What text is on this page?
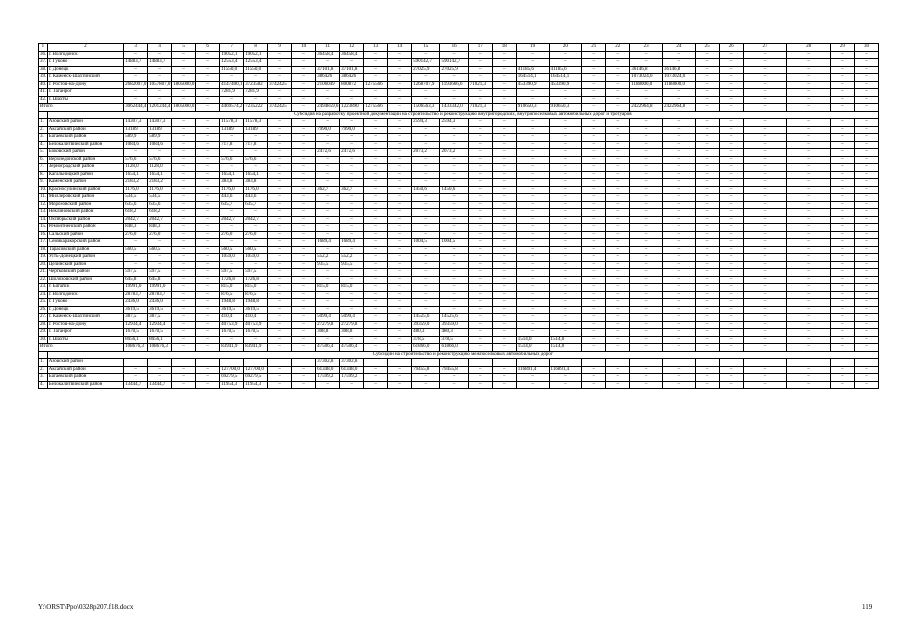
1	2	3	4	5	6	7	8	9	10	11	12	13	14	15	16	17	18	19	20	21	22	23	24	25	26	27	28	29	30
36.	г. Волгодонск	–	–	–	–	19052,1	19052,1	–	–	36458,4	36458,4	–	–	–	–	–	–	–	–	–	–	–	–	–	–	–	–	–	–
37.	г. Гуково	14883,7	14883,7	–	–	12553,4	12553,4	–	–	–	–	–	–	590142,7	590142,7	–	–	–	–	–	–	–	–	–	–	–	–	–	–
38.	г. Донецк	–	–	–	–	11550,0	11550,0	–	–	37101,8	37101,8	–	–	27025,9	27025,9	–	–	41185,6	41185,6	–	–	36146,8	36146,8	–	–	–	–	–	–
39.	г. Каменск-Шахтинский	–	–	–	–	–	–	–	–	386426	386426	–	–	–	–	–	–	164514,1	164514,1	–	–	1073024,0	1073024,0	–	–	–	–	–	–
40.	г. Ростов-на-Дону	2682007,0	1057807,0	1805000,0	–	4147400,1	3723582	3742425	–	2106049	800872	1275566	–	1268707,9	1193666,6	71021,3	–	453390,9	453390,9	–	–	1188000,0	1188000,0	–	–	–	–	–	–
41.	г. Таганрог	–	–	–	–	7281,9	7281,9	–	–	–	–	–	–	–	–	–	–	–	–	–	–	–	–	–	–	–	–	–	–
42.	г. Шахты	–	–	–	–	–	–	–	–	–	–	–	–	–	–	–	–	–	–	–	–	–	–	–	–	–	–	–	–
Итого		3062444,4	1201244,4	1805000,0	–	4469574,2	7235222	3742425	–	2494859,6	1223890	1275566	–	1506563,3	1433342,0	71021,3	–	910650,3	910650,3	–	–	2422964,8	2422964,8	–	–	–	–	–	–
	Субсидия на разработку проектной документации на строительство и реконструкцию внутригородских, внутрипоселковых автомобильных дорог и тротуаров																												
1.	Азовский район	14307,3	14307,3	–	–	11578,3	11578,3	–	–	–	–	–	–	2594,3	2594,3	–	–	–	–	–	–	–	–	–	–	–	–	–	–
2.	Аксайский район	13189	13189	–	–	13189	13189	–	–	7990,0	7990,0	–	–	–	–	–	–	–	–	–	–	–	–	–	–	–	–	–	–
3.	Багаевский район	589,9	589,9	–	–	–	–	–	–	–	–	–	–	–	–	–	–	–	–	–	–	–	–	–	–	–	–	–	–
4.	Белокалитвинский район	1084,6	1084,6	–	–	717,8	717,8	–	–	–	–	–	–	–	–	–	–	–	–	–	–	–	–	–	–	–	–	–	–
5.	Боковский район	–	–	–	–	–	–	–	–	2472,6	2472,6	–	–	2073,2	2073,2	–	–	–	–	–	–	–	–	–	–	–	–	–	–
6.	Верхнедонской район	576,6	576,6	–	–	576,6	576,6	–	–	–	–	–	–	–	–	–	–	–	–	–	–	–	–	–	–	–	–	–	–
7.	Зерноградский район	1128,0	1128,0	–	–	–	–	–	–	–	–	–	–	–	–	–	–	–	–	–	–	–	–	–	–	–	–	–	–
8.	Кагальницкий район	1654,1	1654,1	–	–	1654,1	1654,1	–	–	–	–	–	–	–	–	–	–	–	–	–	–	–	–	–	–	–	–	–	–
9.	Каменский район	2183,2	2183,2	–	–	383,8	383,8	–	–	–	–	–	–	–	–	–	–	–	–	–	–	–	–	–	–	–	–	–	–
10.	Красносулинский район	1176,0	1176,0	–	–	1176,0	1176,0	–	–	362,7	362,7	–	–	1450,6	1450,6	–	–	–	–	–	–	–	–	–	–	–	–	–	–
11.	Миллеровский район	534,5	534,5	–	–	443,6	443,6	–	–	–	–	–	–	–	–	–	–	–	–	–	–	–	–	–	–	–	–	–	–
12.	Морозовский район	635,6	635,6	–	–	635,7	635,7	–	–	–	–	–	–	–	–	–	–	–	–	–	–	–	–	–	–	–	–	–	–
13.	Неклиновский район	618,2	618,2	–	–	–	–	–	–	–	–	–	–	–	–	–	–	–	–	–	–	–	–	–	–	–	–	–	–
14.	Октябрьский район	2042,7	2042,7	–	–	2042,7	2042,7	–	–	–	–	–	–	–	–	–	–	–	–	–	–	–	–	–	–	–	–	–	–
15.	Ремонтненский район	848,3	848,3	–	–	–	–	–	–	–	–	–	–	–	–	–	–	–	–	–	–	–	–	–	–	–	–	–	–
16.	Сальский район	276,0	276,0	–	–	276,0	276,0	–	–	–	–	–	–	–	–	–	–	–	–	–	–	–	–	–	–	–	–	–	–
17.	Семикаракорский район	–	–	–	–	–	–	–	–	1689,4	1689,4	–	–	1004,5	1004,5	–	–	–	–	–	–	–	–	–	–	–	–	–	–
18.	Тарасовский район	560,5	560,5	–	–	560,5	560,5	–	–	–	–	–	–	–	–	–	–	–	–	–	–	–	–	–	–	–	–	–	–
19.	Усть-Донецкий район	–	–	–	–	1059,0	1059,0	–	–	552,2	552,2	–	–	–	–	–	–	–	–	–	–	–	–	–	–	–	–	–	–
20.	Целинский район	–	–	–	–	–	–	–	–	935,5	935,5	–	–	–	–	–	–	–	–	–	–	–	–	–	–	–	–	–	–
21.	Чертковский район	597,5	597,5	–	–	597,5	597,5	–	–	–	–	–	–	–	–	–	–	–	–	–	–	–	–	–	–	–	–	–	–
22.	Шолоховский район	645,8	645,8	–	–	1726,8	1726,8	–	–	–	–	–	–	–	–	–	–	–	–	–	–	–	–	–	–	–	–	–	–
23.	г. Батайск	19991,0	19991,0	–	–	815,0	815,0	–	–	815,0	815,0	–	–	–	–	–	–	–	–	–	–	–	–	–	–	–	–	–	–
24.	г. Волгодонск	28783,7	28783,7	–	–	876,5	876,5	–	–	–	–	–	–	–	–	–	–	–	–	–	–	–	–	–	–	–	–	–	–
25.	г. Гуково	2436,0	2436,0	–	–	1948,8	1948,8	–	–	–	–	–	–	–	–	–	–	–	–	–	–	–	–	–	–	–	–	–	–
26.	г. Донецк	3619,5	3619,5	–	–	3619,5	3619,5	–	–	–	–	–	–	–	–	–	–	–	–	–	–	–	–	–	–	–	–	–	–
27.	г. Каменск-Шахтинский	387,5	387,5	–	–	410,4	410,4	–	–	5099,4	5099,4	–	–	14525,6	14525,6	–	–	–	–	–	–	–	–	–	–	–	–	–	–
28.	г. Ростов-на-Дону	12934,4	12934,4	–	–	40753,9	40753,9	–	–	27279,8	27279,8	–	–	39359,0	39359,0	–	–	–	–	–	–	–	–	–	–	–	–	–	–
29.	г. Таганрог	1670,5	1670,5	–	–	1670,5	1670,5	–	–	308,8	308,8	–	–	480,3	480,3	–	–	–	–	–	–	–	–	–	–	–	–	–	–
30.	г. Шахты	8056,1	8056,1	–	–	–	–	–	–	–	–	–	–	378,5	378,5	–	–	1514,0	1514,0	–	–	–	–	–	–	–	–	–	–
Итого		108676,3	108676,3	–	–	83941,9	83941,9	–	–	47506,4	47506,4	–	–	61866,0	61866,0	–	–	1514,0	1514,0	–	–	–	–	–	–	–	–	–	–
	Субсидии на строительство и реконструкцию межпоселковых автомобильных дорог																												
1.	Азовский район									37302,8	37302,8																		
2.	Аксайский район	–	–	–	–	127700,0	127700,0	–	–	61348,0	61348,0	–	–	79455,8	79455,8	–	–	116891,4	116891,4	–	–	–	–	–	–	–	–	–	–
3.	Багаевский район	–	–	–	–	69279,5	69279,5	–	–	17599,2	17599,2	–	–	–	–	–	–	–	–	–	–	–	–	–	–	–	–	–	–
4.	Белокалитвинский район	13444,7	13444,7	–	–	11954,3	11954,3	–	–	–	–	–	–	–	–	–	–	–	–	–	–	–	–	–	–	–	–	–	–
Y:\ORST\Ppo\0328p207.f18.docx	119
